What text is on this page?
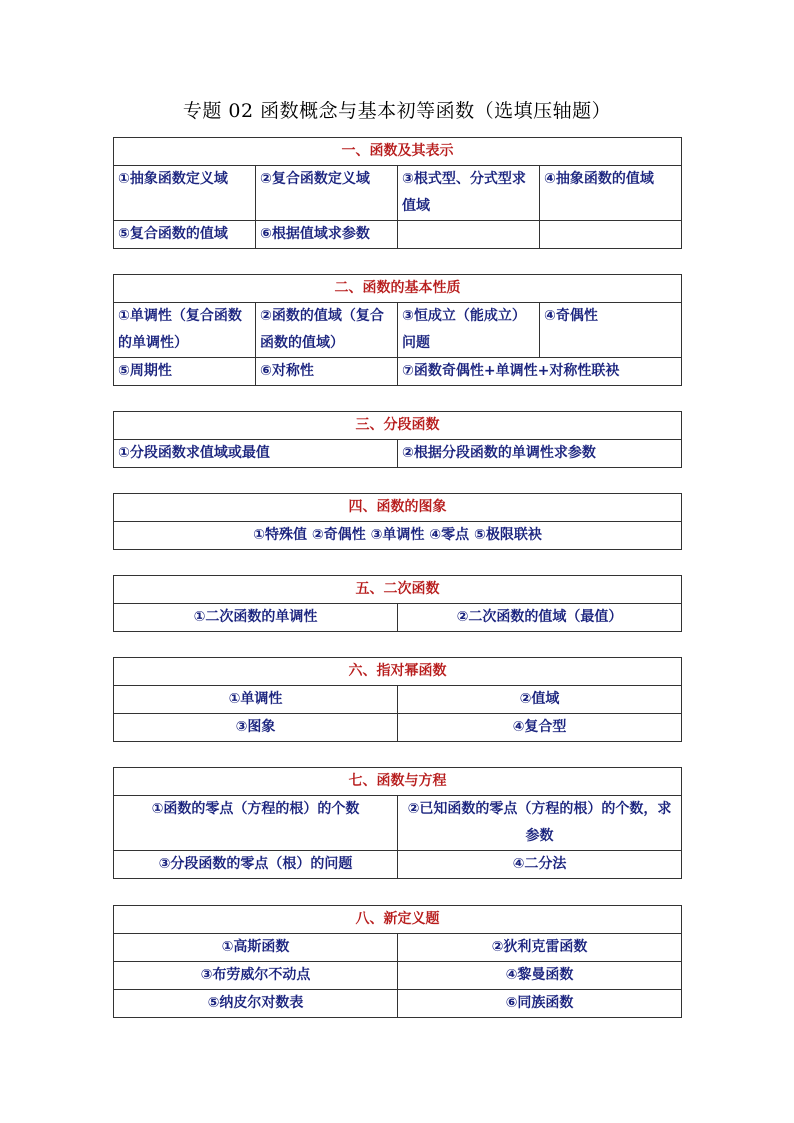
专题 02 函数概念与基本初等函数（选填压轴题）
一、函数及其表示			
①抽象函数定义域	②复合函数定义域	③根式型、分式型求值域	④抽象函数的值域
⑤复合函数的值域	⑥根据值域求参数		
二、函数的基本性质			
①单调性（复合函数的单调性）	②函数的值域（复合函数的值域）	③恒成立（能成立）问题	④奇偶性
⑤周期性	⑥对称性	⑦函数奇偶性+单调性+对称性联袂	
三、分段函数
①分段函数求值域或最值	②根据分段函数的单调性求参数
四、函数的图象
①特殊值 ②奇偶性 ③单调性 ④零点 ⑤极限联袂
五、二次函数
①二次函数的单调性	②二次函数的值域（最值）
六、指对幂函数	
①单调性	②值域
③图象	④复合型
七、函数与方程	
①函数的零点（方程的根）的个数	②已知函数的零点（方程的根）的个数，求参数
③分段函数的零点（根）的问题	④二分法
八、新定义题	
①高斯函数	②狄利克雷函数
③布劳威尔不动点	④黎曼函数
⑤纳皮尔对数表	⑥同族函数
